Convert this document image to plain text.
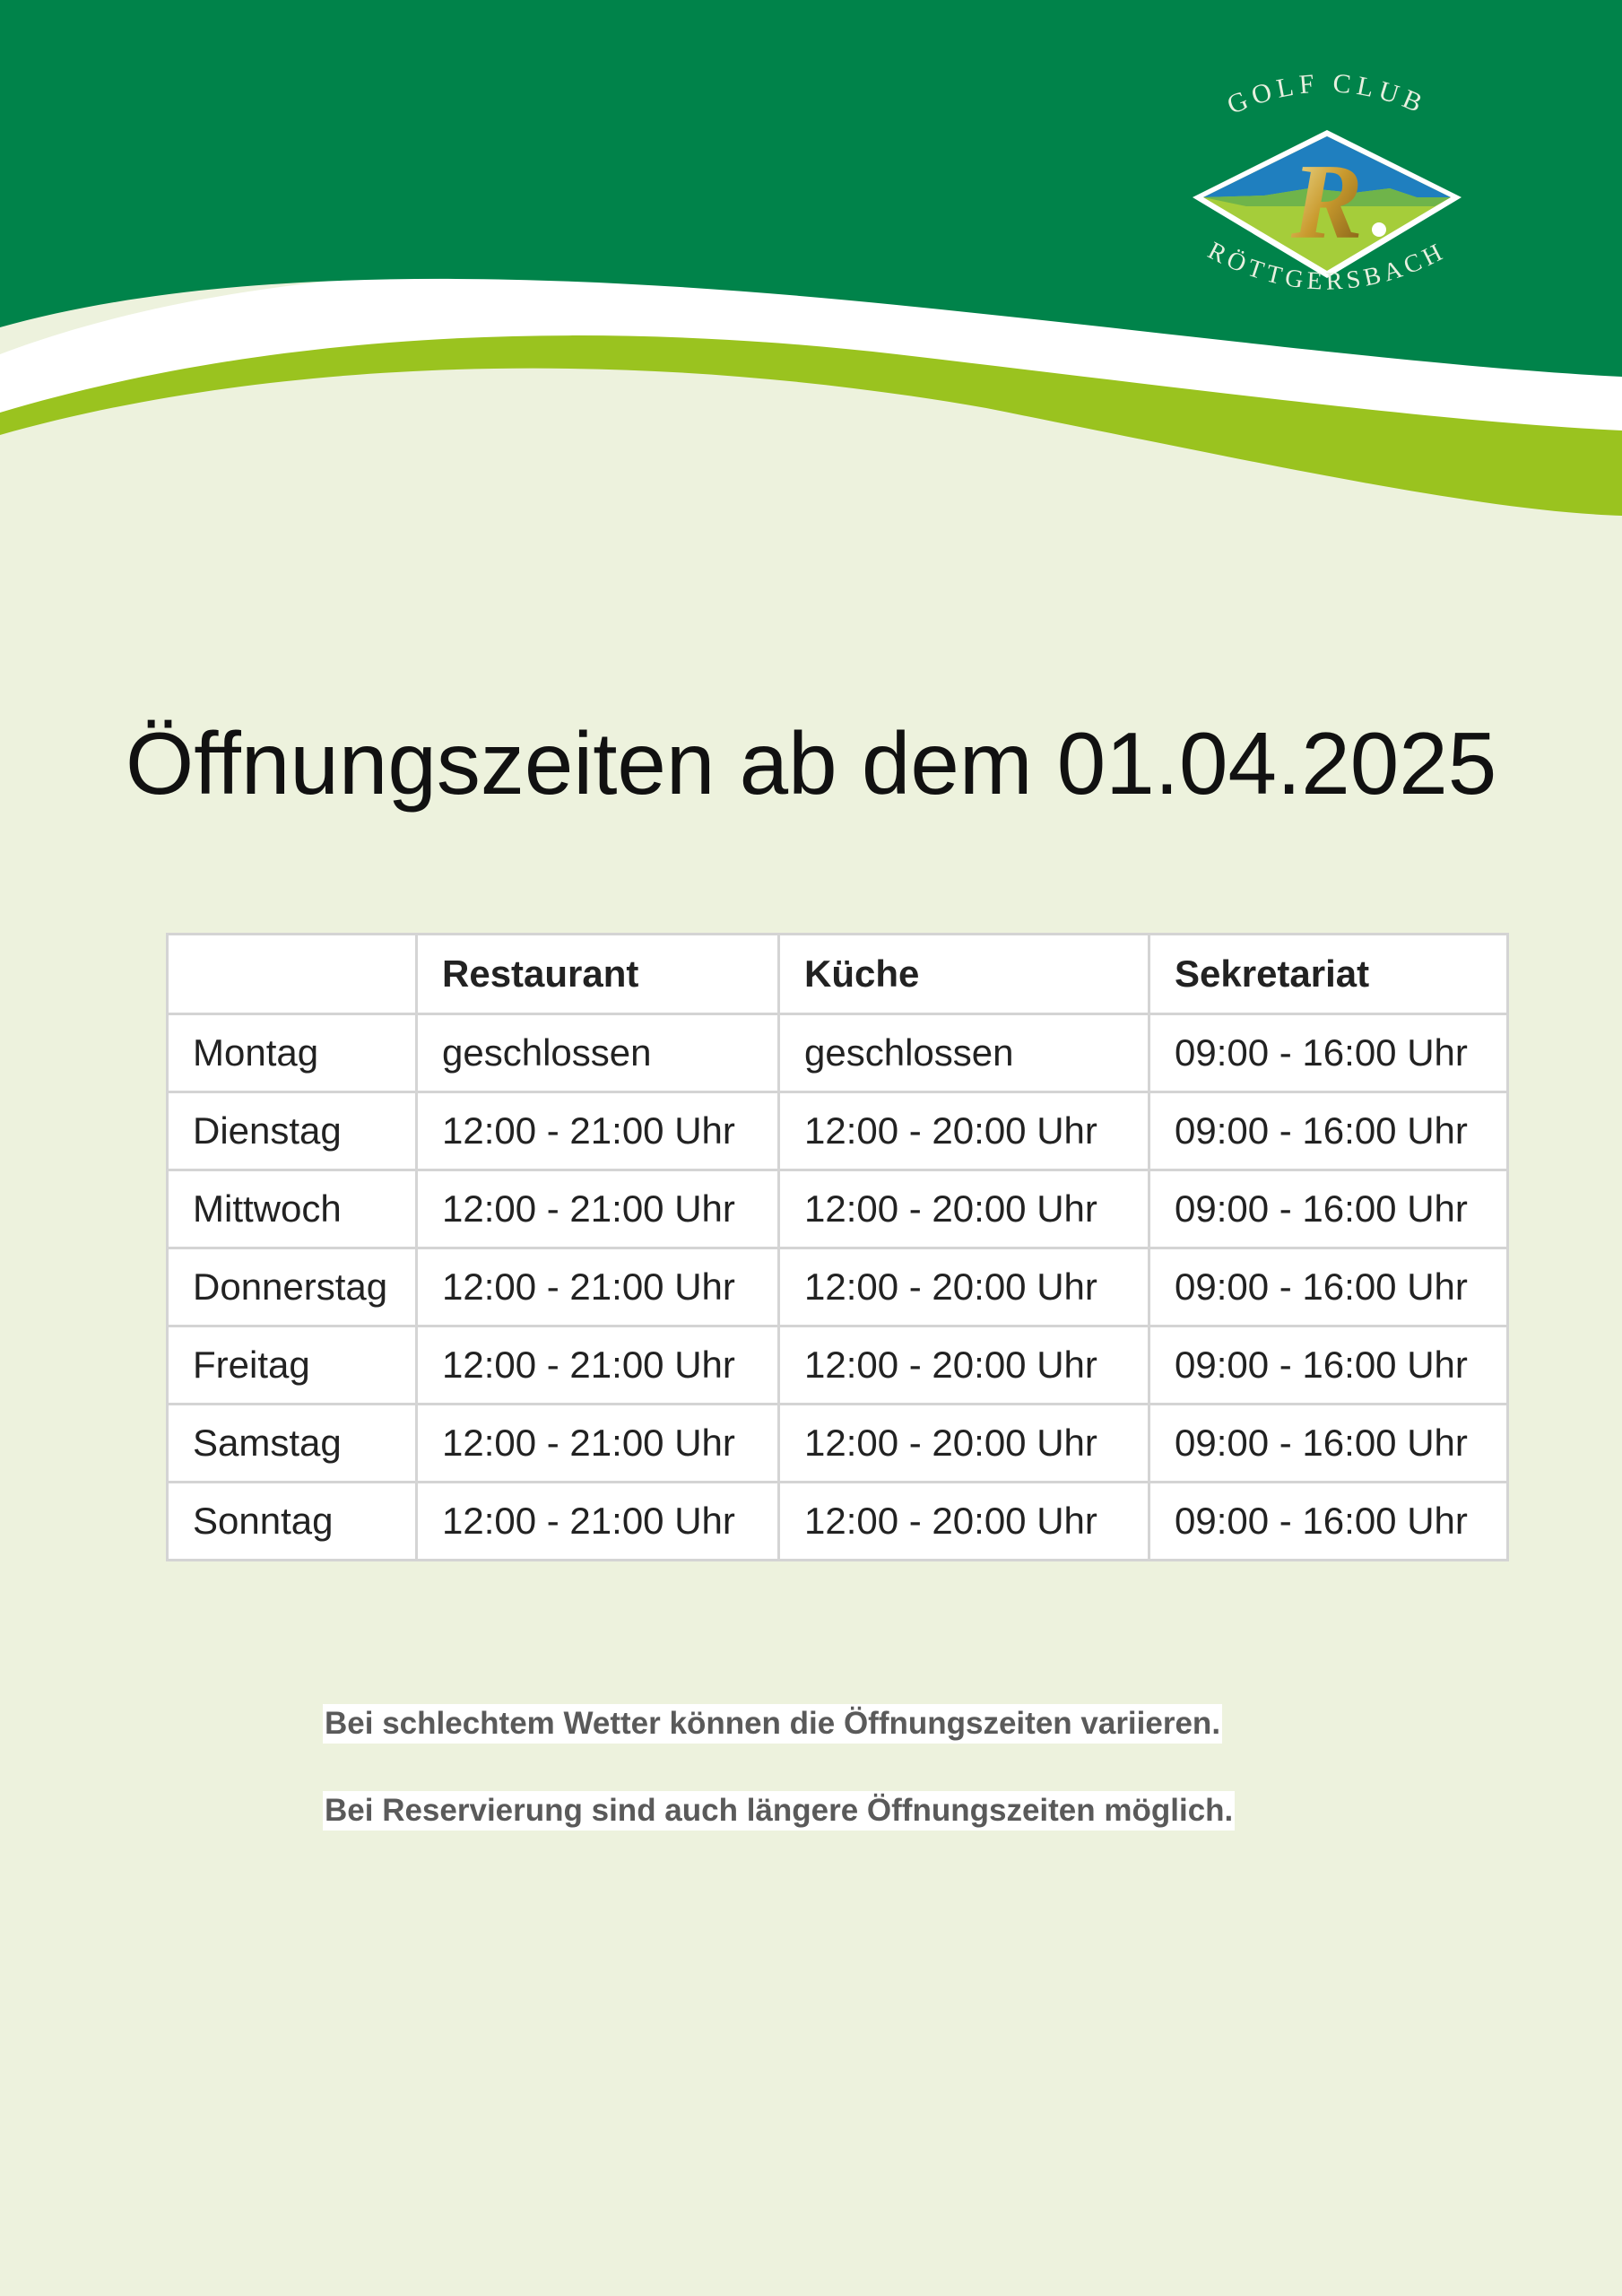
GOLF CLUB
R
RÖTTGERSBACH
Öffnungszeiten ab dem 01.04.2025
	Restaurant	Küche	Sekretariat
Montag	geschlossen	geschlossen	09:00 - 16:00 Uhr
Dienstag	12:00 - 21:00 Uhr	12:00 - 20:00 Uhr	09:00 - 16:00 Uhr
Mittwoch	12:00 - 21:00 Uhr	12:00 - 20:00 Uhr	09:00 - 16:00 Uhr
Donnerstag	12:00 - 21:00 Uhr	12:00 - 20:00 Uhr	09:00 - 16:00 Uhr
Freitag	12:00 - 21:00 Uhr	12:00 - 20:00 Uhr	09:00 - 16:00 Uhr
Samstag	12:00 - 21:00 Uhr	12:00 - 20:00 Uhr	09:00 - 16:00 Uhr
Sonntag	12:00 - 21:00 Uhr	12:00 - 20:00 Uhr	09:00 - 16:00 Uhr
Bei schlechtem Wetter können die Öffnungszeiten variieren.
Bei Reservierung sind auch längere Öffnungszeiten möglich.
